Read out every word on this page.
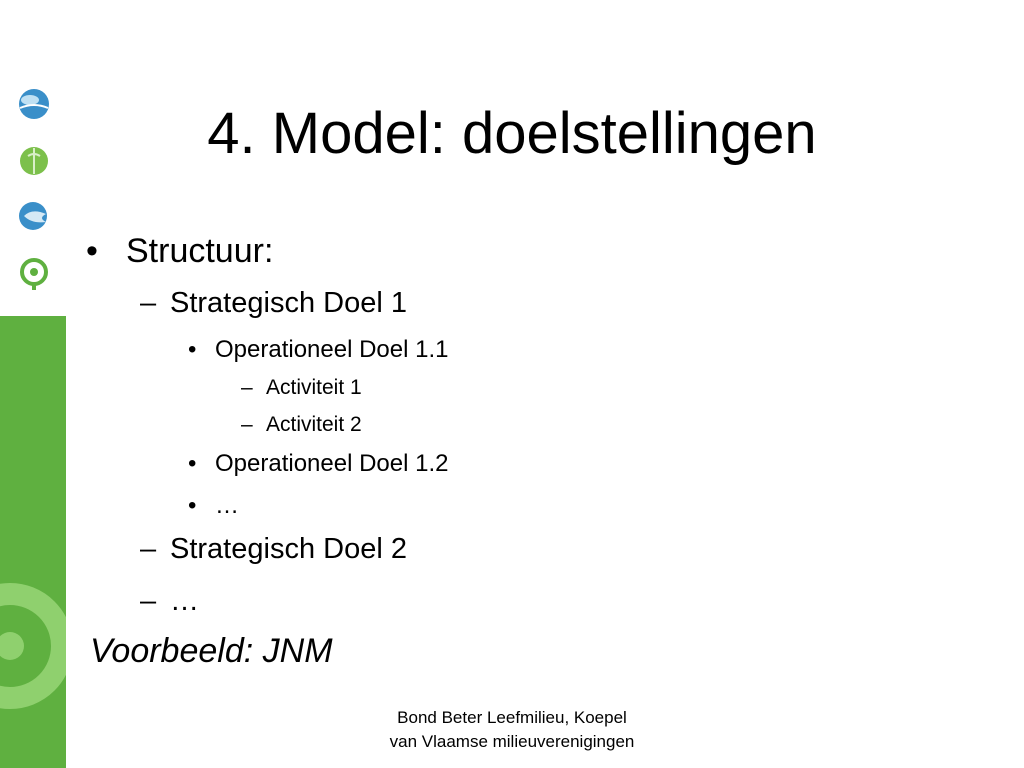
4. Model: doelstellingen
• Structuur:
– Strategisch Doel 1
• Operationeel Doel 1.1
– Activiteit 1
– Activiteit 2
• Operationeel Doel 1.2
• …
– Strategisch Doel 2
– …
Voorbeeld: JNM
Bond Beter Leefmilieu, Koepel
van Vlaamse milieuverenigingen
